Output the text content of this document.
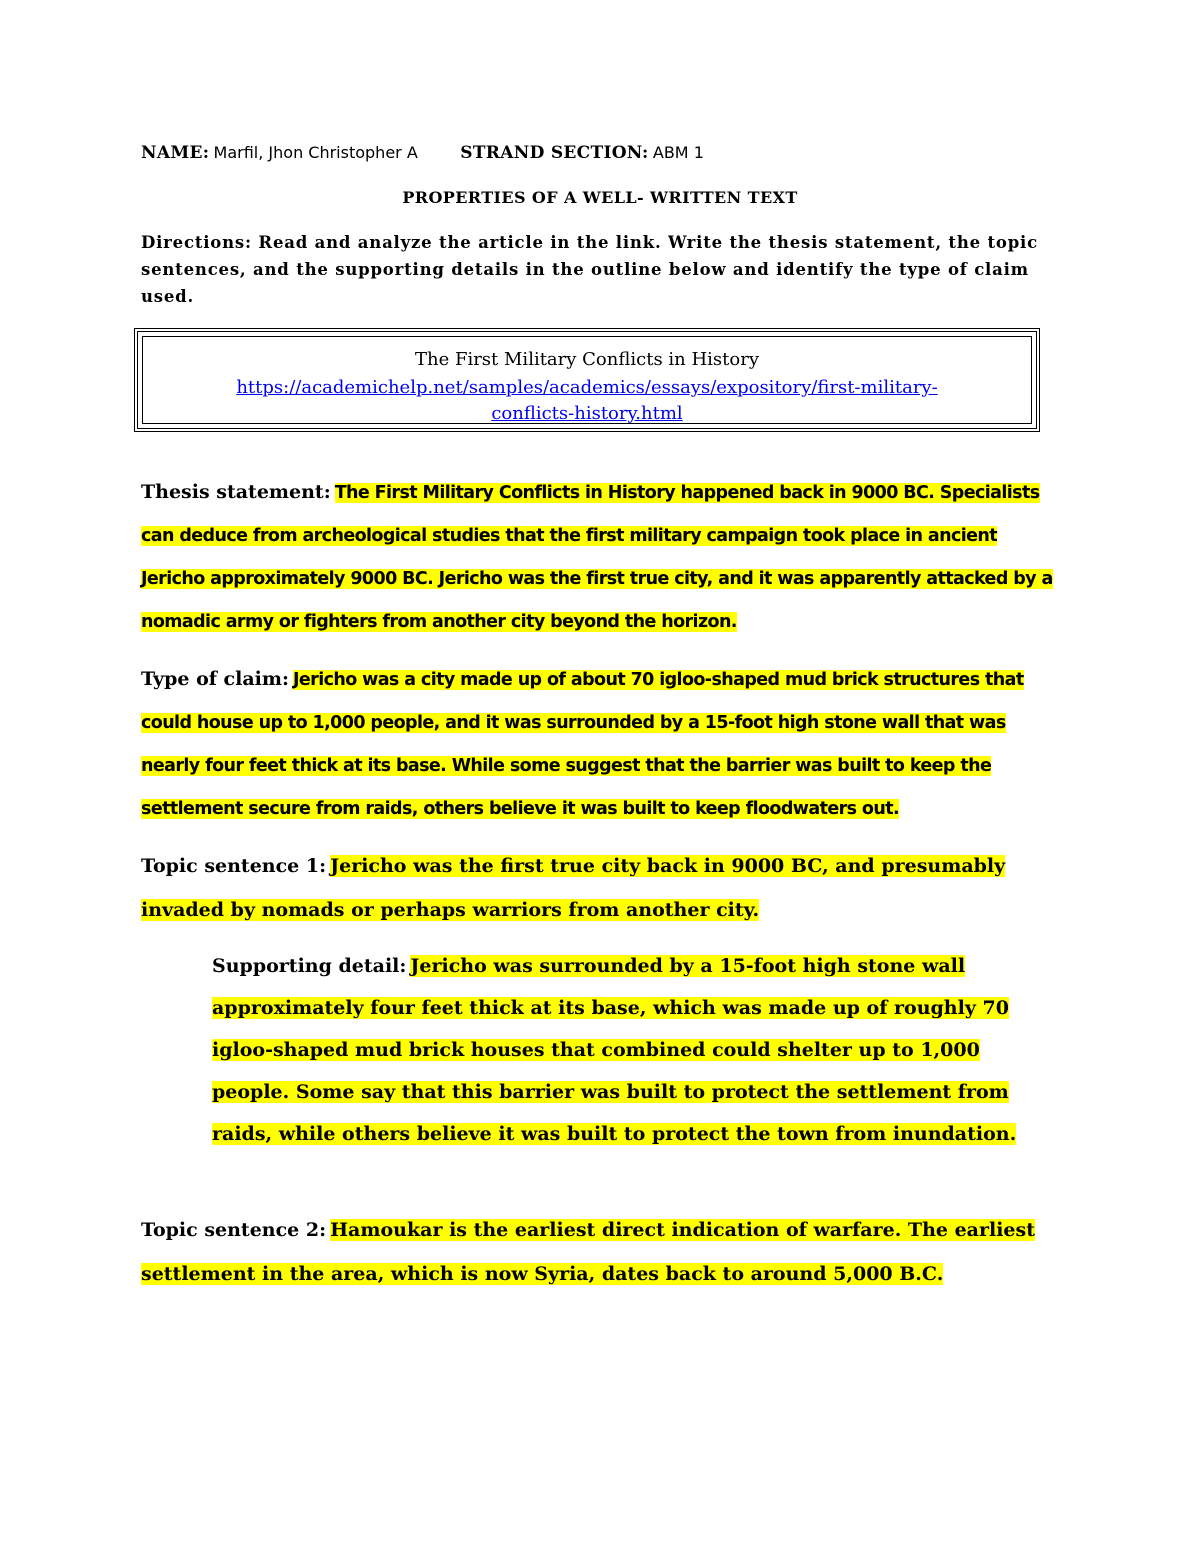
NAME: Marfil, Jhon Christopher A	STRAND SECTION: ABM 1
PROPERTIES OF A WELL- WRITTEN TEXT
Directions: Read and analyze the article in the link. Write the thesis statement, the topic sentences, and the supporting details in the outline below and identify the type of claim used.
The First Military Conflicts in History
https://academichelp.net/samples/academics/essays/expository/first-military-
conflicts-history.html
Thesis statement: The First Military Conflicts in History happened back in 9000 BC. Specialists can deduce from archeological studies that the first military campaign took place in ancient Jericho approximately 9000 BC. Jericho was the first true city, and it was apparently attacked by a nomadic army or fighters from another city beyond the horizon.
Type of claim: Jericho was a city made up of about 70 igloo-shaped mud brick structures that could house up to 1,000 people, and it was surrounded by a 15-foot high stone wall that was nearly four feet thick at its base. While some suggest that the barrier was built to keep the settlement secure from raids, others believe it was built to keep floodwaters out.
Topic sentence 1: Jericho was the first true city back in 9000 BC, and presumably invaded by nomads or perhaps warriors from another city.
Supporting detail: Jericho was surrounded by a 15-foot high stone wall approximately four feet thick at its base, which was made up of roughly 70 igloo-shaped mud brick houses that combined could shelter up to 1,000 people. Some say that this barrier was built to protect the settlement from raids, while others believe it was built to protect the town from inundation.
Topic sentence 2: Hamoukar is the earliest direct indication of warfare. The earliest settlement in the area, which is now Syria, dates back to around 5,000 B.C.
